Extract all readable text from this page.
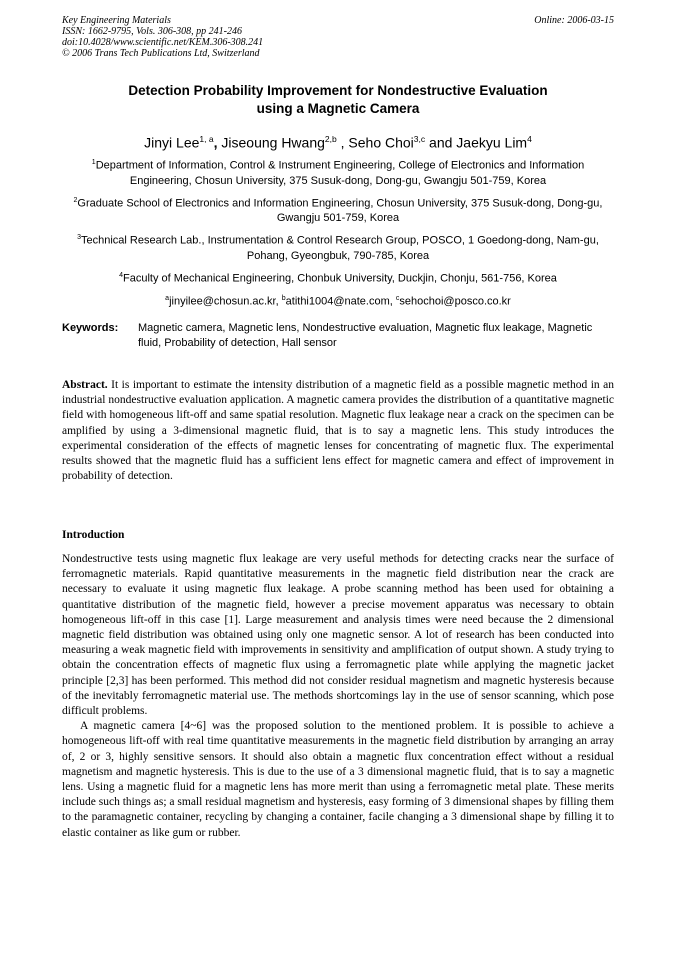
Key Engineering Materials
ISSN: 1662-9795, Vols. 306-308, pp 241-246
doi:10.4028/www.scientific.net/KEM.306-308.241
© 2006 Trans Tech Publications Ltd, Switzerland
Online: 2006-03-15
Detection Probability Improvement for Nondestructive Evaluation
using a Magnetic Camera
Jinyi Lee$^{1, a}$, Jiseoung Hwang$^{2,b}$ , Seho Choi$^{3,c}$ and Jaekyu Lim$^4$

$^1$Department of Information, Control & Instrument Engineering, College of Electronics and Information Engineering, Chosun University, 375 Susuk-dong, Dong-gu, Gwangju 501-759, Korea

$^2$Graduate School of Electronics and Information Engineering, Chosun University, 375 Susuk-dong, Dong-gu, Gwangju 501-759, Korea

$^3$Technical Research Lab., Instrumentation & Control Research Group, POSCO, 1 Goedong-dong, Nam-gu, Pohang, Gyeongbuk, 790-785, Korea

$^4$Faculty of Mechanical Engineering, Chonbuk University, Duckjin, Chonju, 561-756, Korea

$^a$jinyilee@chosun.ac.kr, $^b$atithi1004@nate.com, $^c$sehochoi@posco.co.kr

Keywords: Magnetic camera, Magnetic lens, Nondestructive evaluation, Magnetic flux leakage, Magnetic fluid, Probability of detection, Hall sensor
Abstract. It is important to estimate the intensity distribution of a magnetic field as a possible magnetic method in an industrial nondestructive evaluation application. A magnetic camera provides the distribution of a quantitative magnetic field with homogeneous lift-off and same spatial resolution. Magnetic flux leakage near a crack on the specimen can be amplified by using a 3-dimensional magnetic fluid, that is to say a magnetic lens. This study introduces the experimental consideration of the effects of magnetic lenses for concentrating of magnetic flux. The experimental results showed that the magnetic fluid has a sufficient lens effect for magnetic camera and effect of improvement in probability of detection.
Introduction

Nondestructive tests using magnetic flux leakage are very useful methods for detecting cracks near the surface of ferromagnetic materials. Rapid quantitative measurements in the magnetic field distribution near the crack are necessary to evaluate it using magnetic flux leakage. A probe scanning method has been used for obtaining a quantitative distribution of the magnetic field, however a precise movement apparatus was necessary to obtain homogeneous lift-off in this case [1]. Large measurement and analysis times were need because the 2 dimensional magnetic field distribution was obtained using only one magnetic sensor. A lot of research has been conducted into measuring a weak magnetic field with improvements in sensitivity and amplification of output shown. A study trying to obtain the concentration effects of magnetic flux using a ferromagnetic plate while applying the magnetic jacket principle [2,3] has been performed. This method did not consider residual magnetism and magnetic hysteresis because of the inevitably ferromagnetic material use. The methods shortcomings lay in the use of sensor scanning, which pose difficult problems.

A magnetic camera [4~6] was the proposed solution to the mentioned problem. It is possible to achieve a homogeneous lift-off with real time quantitative measurements in the magnetic field distribution by arranging an array of, 2 or 3, highly sensitive sensors. It should also obtain a magnetic flux concentration effect without a residual magnetism and magnetic hysteresis. This is due to the use of a 3 dimensional magnetic fluid, that is to say a magnetic lens. Using a magnetic fluid for a magnetic lens has more merit than using a ferromagnetic metal plate. These merits include such things as; a small residual magnetism and hysteresis, easy forming of 3 dimensional shapes by filling them to the paramagnetic container, recycling by changing a container, facile changing a 3 dimensional shape by filling it to elastic container as like gum or rubber.
